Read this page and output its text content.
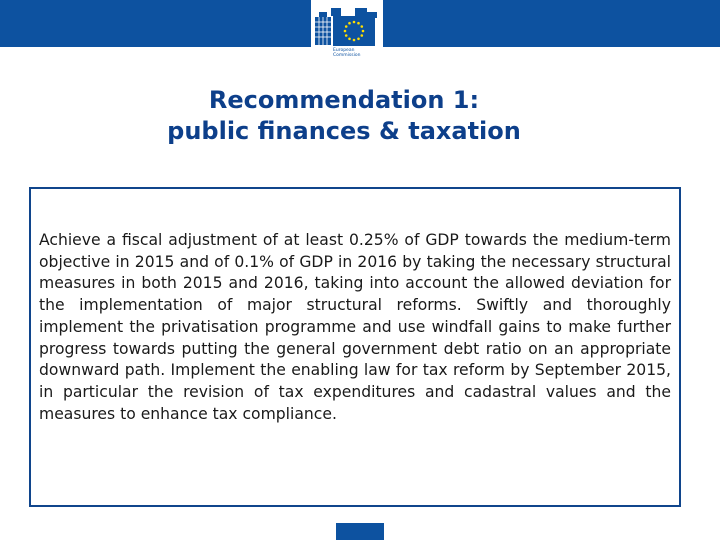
European
Commission
Recommendation 1:
public finances & taxation

Achieve a fiscal adjustment of at least 0.25% of GDP towards the medium-term objective in 2015 and of 0.1% of GDP in 2016 by taking the necessary structural measures in both 2015 and 2016, taking into account the allowed deviation for the implementation of major structural reforms. Swiftly and thoroughly implement the privatisation programme and use windfall gains to make further progress towards putting the general government debt ratio on an appropriate downward path. Implement the enabling law for tax reform by September 2015, in particular the revision of tax expenditures and cadastral values and the measures to enhance tax compliance.
